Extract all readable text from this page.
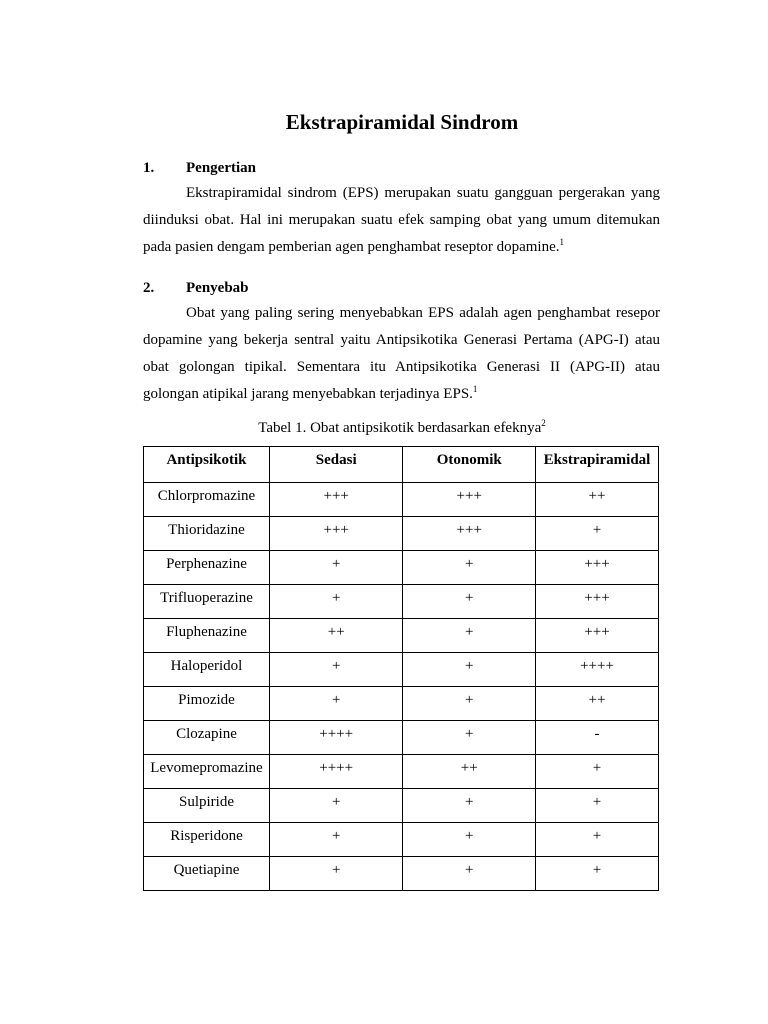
Ekstrapiramidal Sindrom
1. Pengertian
Ekstrapiramidal sindrom (EPS) merupakan suatu gangguan pergerakan yang
diinduksi obat. Hal ini merupakan suatu efek samping obat yang umum ditemukan
pada pasien dengam pemberian agen penghambat reseptor dopamine.$^1$
2. Penyebab
Obat yang paling sering menyebabkan EPS adalah agen penghambat resepor
dopamine yang bekerja sentral yaitu Antipsikotika Generasi Pertama (APG-I) atau
obat golongan tipikal. Sementara itu Antipsikotika Generasi II (APG-II) atau
golongan atipikal jarang menyebabkan terjadinya EPS.$^1$
Tabel 1. Obat antipsikotik berdasarkan efeknya$^2$
Antipsikotik	Sedasi	Otonomik	Ekstrapiramidal
Chlorpromazine	+++	+++	++
Thioridazine	+++	+++	+
Perphenazine	+	+	+++
Trifluoperazine	+	+	+++
Fluphenazine	++	+	+++
Haloperidol	+	+	++++
Pimozide	+	+	++
Clozapine	++++	+	-
Levomepromazine	++++	++	+
Sulpiride	+	+	+
Risperidone	+	+	+
Quetiapine	+	+	+
